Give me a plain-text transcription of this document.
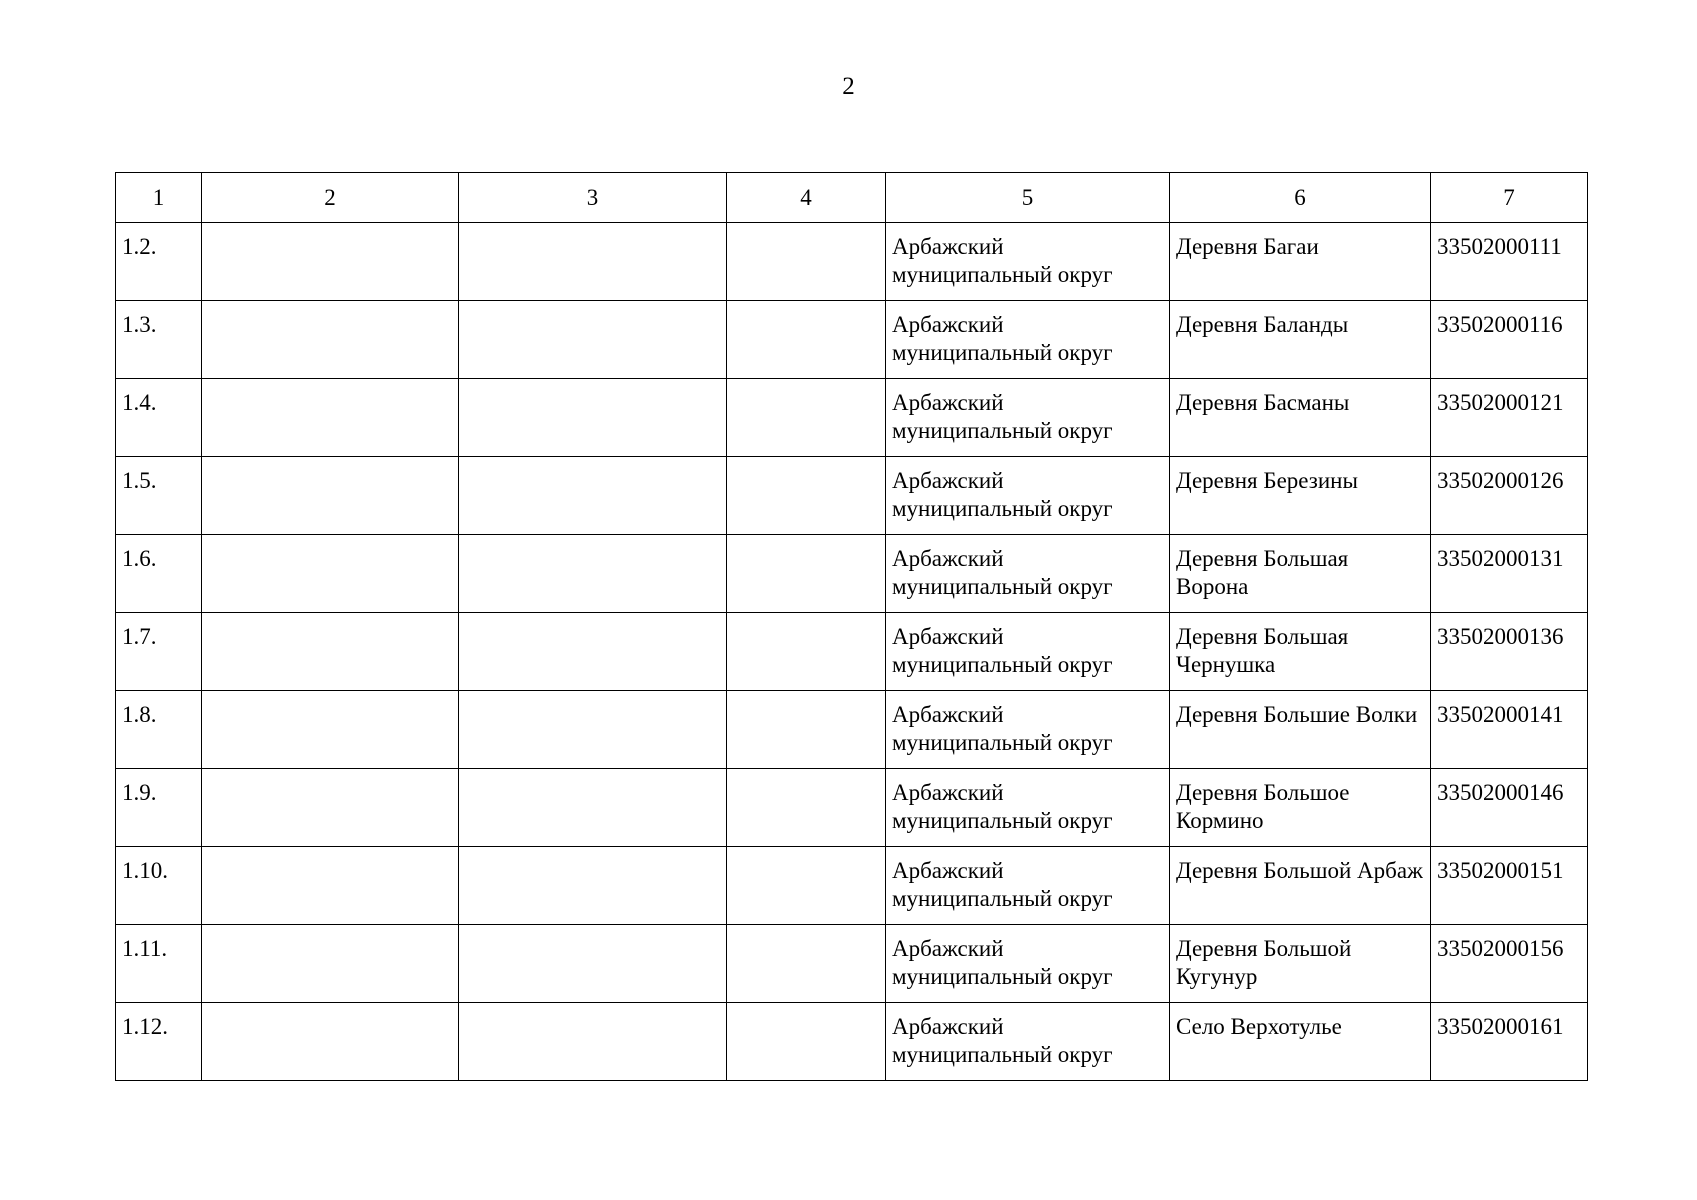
2
1	2	3	4	5	6	7
1.2.				Арбажский муниципальный округ	Деревня Багаи	33502000111
1.3.				Арбажский муниципальный округ	Деревня Баланды	33502000116
1.4.				Арбажский муниципальный округ	Деревня Басманы	33502000121
1.5.				Арбажский муниципальный округ	Деревня Березины	33502000126
1.6.				Арбажский муниципальный округ	Деревня Большая Ворона	33502000131
1.7.				Арбажский муниципальный округ	Деревня Большая Чернушка	33502000136
1.8.				Арбажский муниципальный округ	Деревня Большие Волки	33502000141
1.9.				Арбажский муниципальный округ	Деревня Большое Кормино	33502000146
1.10.				Арбажский муниципальный округ	Деревня Большой Арбаж	33502000151
1.11.				Арбажский муниципальный округ	Деревня Большой Кугунур	33502000156
1.12.				Арбажский муниципальный округ	Село Верхотулье	33502000161
